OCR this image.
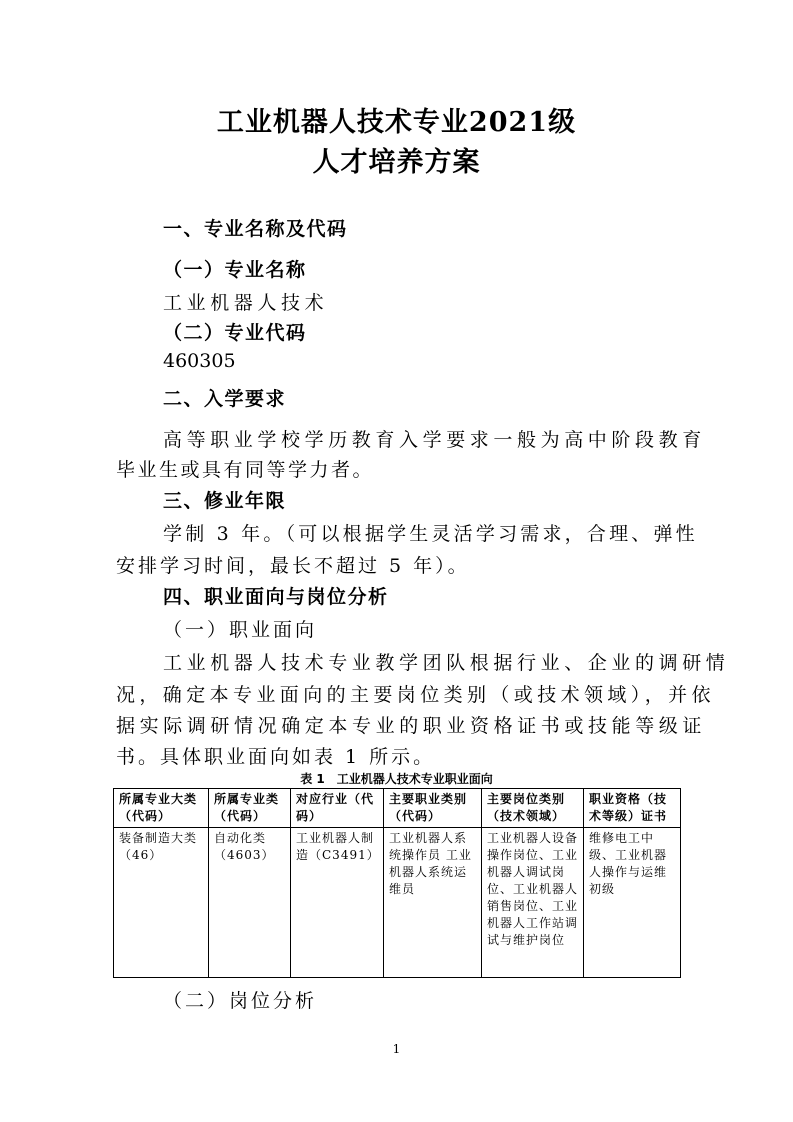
工业机器人技术专业2021级
人才培养方案
一、专业名称及代码
（一）专业名称
工业机器人技术
（二）专业代码
460305
二、入学要求
高等职业学校学历教育入学要求一般为高中阶段教育
毕业生或具有同等学力者。
三、修业年限
学制 3 年。（可以根据学生灵活学习需求，合理、弹性
安排学习时间，最长不超过 5 年）。
四、职业面向与岗位分析
（一）职业面向
工业机器人技术专业教学团队根据行业、企业的调研情
况，确定本专业面向的主要岗位类别（或技术领域），并依
据实际调研情况确定本专业的职业资格证书或技能等级证
书。具体职业面向如表 1 所示。
表 1　工业机器人技术专业职业面向
所属专业大类（代码）	所属专业类（代码）	对应行业（代码）	主要职业类别（代码）	主要岗位类别（技术领域）	职业资格（技术等级）证书
装备制造大类（46）	自动化类（4603）	工业机器人制造（C3491）	工业机器人系统操作员 工业机器人系统运维员	工业机器人设备操作岗位、工业机器人调试岗位、工业机器人销售岗位、工业机器人工作站调试与维护岗位	维修电工中级、工业机器人操作与运维初级
（二）岗位分析
1
